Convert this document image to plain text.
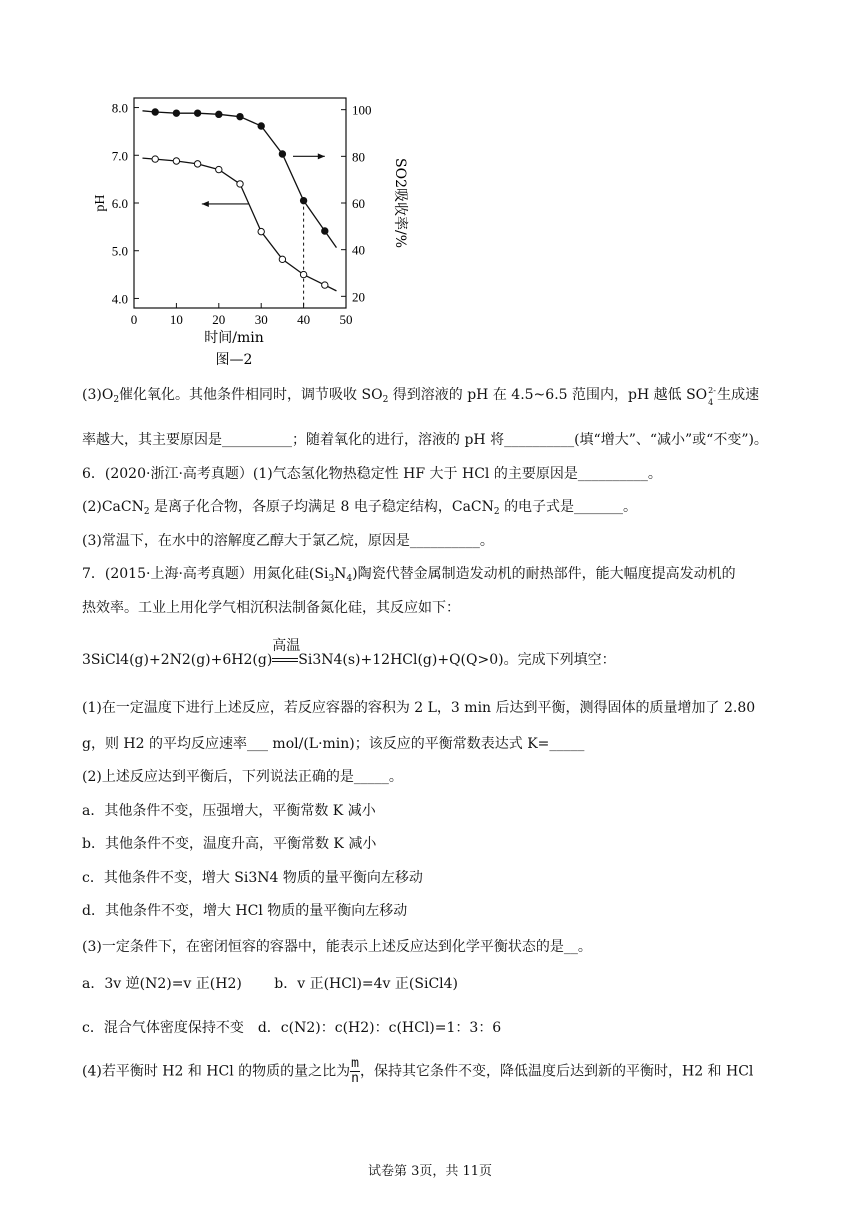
0	10 20 30 40 50
4.0
5.0
6.0
7.0
8.0
20
40
60
80
100
时间/min
pH	SO2吸收率/%
图—2
$(3)O_2$催化氧化。其他条件相同时，调节吸收 $SO_2$ 得到溶液的 pH 在 4.5~6.5 范围内，pH 越低 SO 2-
4 生成速
率越大，其主要原因是__________；随着氧化的进行，溶液的 pH 将__________(填“增大”、“减小”或“不变”)。
6．(2020·浙江·高考真题）(1)气态氢化物热稳定性 HF 大于 HCl 的主要原因是__________。
(2)CaCN$_2$ 是离子化合物，各原子均满足 8 电子稳定结构，CaCN$_2$ 的电子式是_______。
(3)常温下，在水中的溶解度乙醇大于氯乙烷，原因是__________。
7．(2015·上海·高考真题）用氮化硅$(Si_3N_4)$陶瓷代替金属制造发动机的耐热部件，能大幅度提高发动机的
热效率。工业上用化学气相沉积法制备氮化硅，其反应如下：
3SiCl4(g)+2N2(g)+6H2(g)
高温
Si3N4(s)+12HCl(g)+Q(Q>0)。完成下列填空：
(1)在一定温度下进行上述反应，若反应容器的容积为 2 L，3 min 后达到平衡，测得固体的质量增加了 2.80
g，则 H2 的平均反应速率___ mol/(L·min)；该反应的平衡常数表达式 K=_____
(2)上述反应达到平衡后，下列说法正确的是_____。
a．其他条件不变，压强增大，平衡常数 K 减小
b．其他条件不变，温度升高，平衡常数 K 减小
c．其他条件不变，增大 Si3N4 物质的量平衡向左移动
d．其他条件不变，增大 HCl 物质的量平衡向左移动
(3)一定条件下，在密闭恒容的容器中，能表示上述反应达到化学平衡状态的是__。
a．3v 逆(N2)=v 正(H2)　　 b．v 正(HCl)=4v 正(SiCl4)
c．混合气体密度保持不变　d．c(N2)：c(H2)：c(HCl)=1：3：6
(4)若平衡时 H2 和 HCl 的物质的量之比为 $\frac{m}{n}$ ，保持其它条件不变，降低温度后达到新的平衡时，H2 和 HCl
试卷第 3页，共 11页
